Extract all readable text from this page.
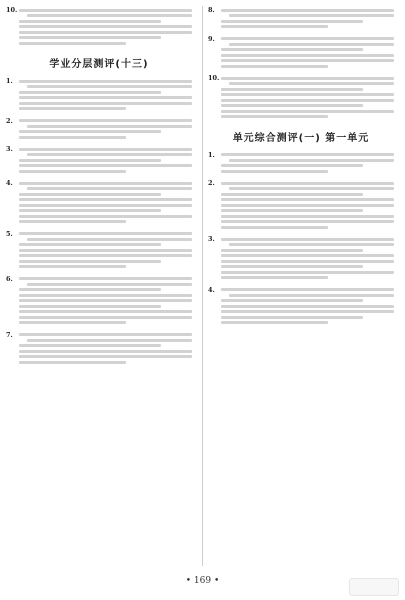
10.
学业分层测评(十三)
1.
2.
3.
4.
5.
6.
7.
8.
9.
10.
单元综合测评(一) 第一单元
1.
2.
3.
4.
• 169 •
